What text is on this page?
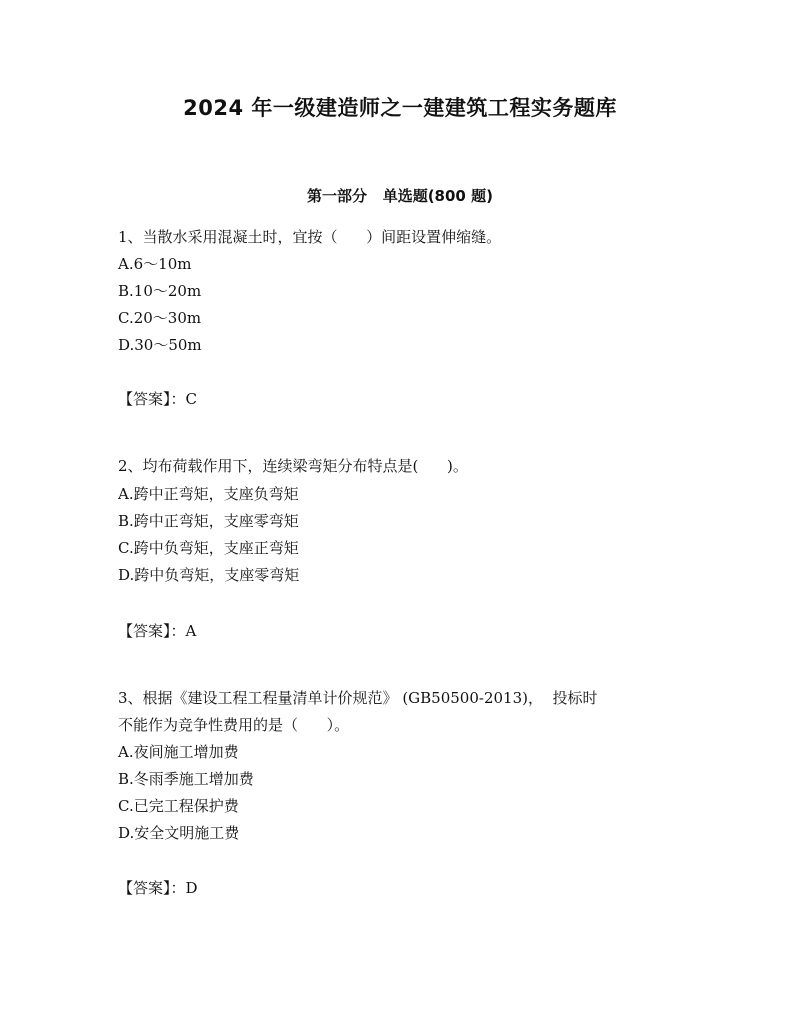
2024 年一级建造师之一建建筑工程实务题库
第一部分   单选题(800 题)

1、当散水采用混凝土时，宜按（      ）间距设置伸缩缝。

A.6～10m

B.10～20m

C.20～30m

D.30～50m

【答案】：C

2、均布荷载作用下，连续梁弯矩分布特点是(      )。

A.跨中正弯矩，支座负弯矩

B.跨中正弯矩，支座零弯矩

C.跨中负弯矩，支座正弯矩

D.跨中负弯矩，支座零弯矩

【答案】：A

3、根据《建设工程工程量清单计价规范》 (GB50500-2013)，  投标时

不能作为竞争性费用的是（      ）。

A.夜间施工增加费

B.冬雨季施工增加费

C.已完工程保护费

D.安全文明施工费

【答案】：D
